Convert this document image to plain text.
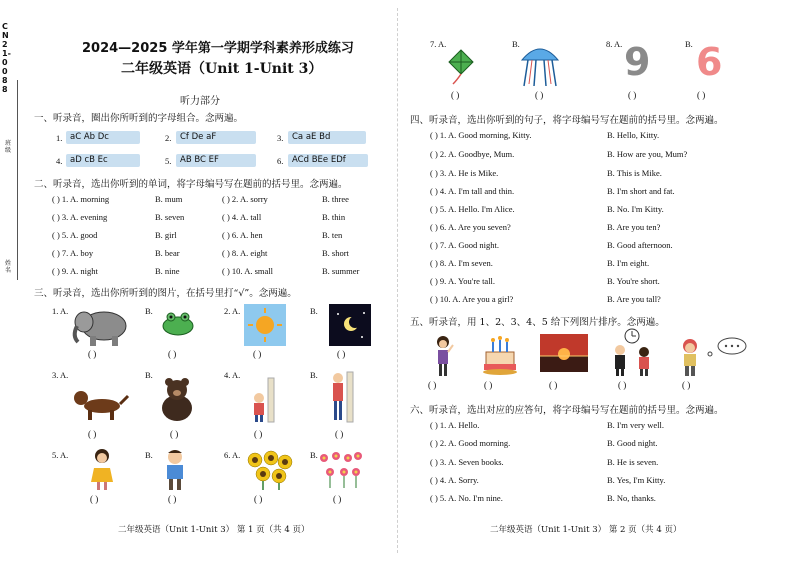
CN21-0088
班级
姓名
2024—2025 学年第一学期学科素养形成练习
二年级英语（Unit 1-Unit 3）
听力部分
一、听录音，圈出你所听到的字母组合。念两遍。
1. aC Ab Dc	2.	Cf De aF	3.	Ca aE Bd
4. aD cB Ec	5.	AB BC EF	6.	ACd BEe EDf
二、听录音，选出你听到的单词，将字母编号写在题前的括号里。念两遍。
( ) 1. A. morning	B. mum	( ) 2. A. sorry	B. three
( ) 3. A. evening	B. seven	( ) 4. A. tall	B. thin
( ) 5. A. good	B. girl	( ) 6. A. hen	B. ten
( ) 7. A. boy	B. bear	( ) 8. A. eight	B. short
( ) 9. A. night	B. nine	( ) 10. A. small	B. summer
三、听录音，选出你所听到的图片，在括号里打“√”。念两遍。
1. A.
( )
B.
( )
2. A.
( )
B.
( )
3. A.
( )
B.
( )
4. A.
( )
B.
( )
5. A.
( )
B.
( )
6. A.
( )
B.
( )
二年级英语（Unit 1-Unit 3） 第 1 页（共 4 页）
7. A.
( )
B.
( )
8. A. 9
( )
B. 6
( )
四、听录音，选出你听到的句子，将字母编号写在题前的括号里。念两遍。
( ) 1. A. Good morning, Kitty.	B. Hello, Kitty.
( ) 2. A. Goodbye, Mum.	B. How are you, Mum?
( ) 3. A. He is Mike.	B. This is Mike.
( ) 4. A. I'm tall and thin.	B. I'm short and fat.
( ) 5. A. Hello. I'm Alice.	B. No. I'm Kitty.
( ) 6. A. Are you seven?	B. Are you ten?
( ) 7. A. Good night.	B. Good afternoon.
( ) 8. A. I'm seven.	B. I'm eight.
( ) 9. A. You're tall.	B. You're short.
( ) 10. A. Are you a girl?	B. Are you tall?
五、听录音，用 1、2、3、4、5 给下列图片排序。念两遍。
( )	( )	( )	( )	( )
六、听录音，选出对应的应答句，将字母编号写在题前的括号里。念两遍。
( ) 1. A. Hello.	B. I'm very well.
( ) 2. A. Good morning.	B. Good night.
( ) 3. A. Seven books.	B. He is seven.
( ) 4. A. Sorry.	B. Yes, I'm Kitty.
( ) 5. A. No. I'm nine.	B. No, thanks.
二年级英语（Unit 1-Unit 3） 第 2 页（共 4 页）
